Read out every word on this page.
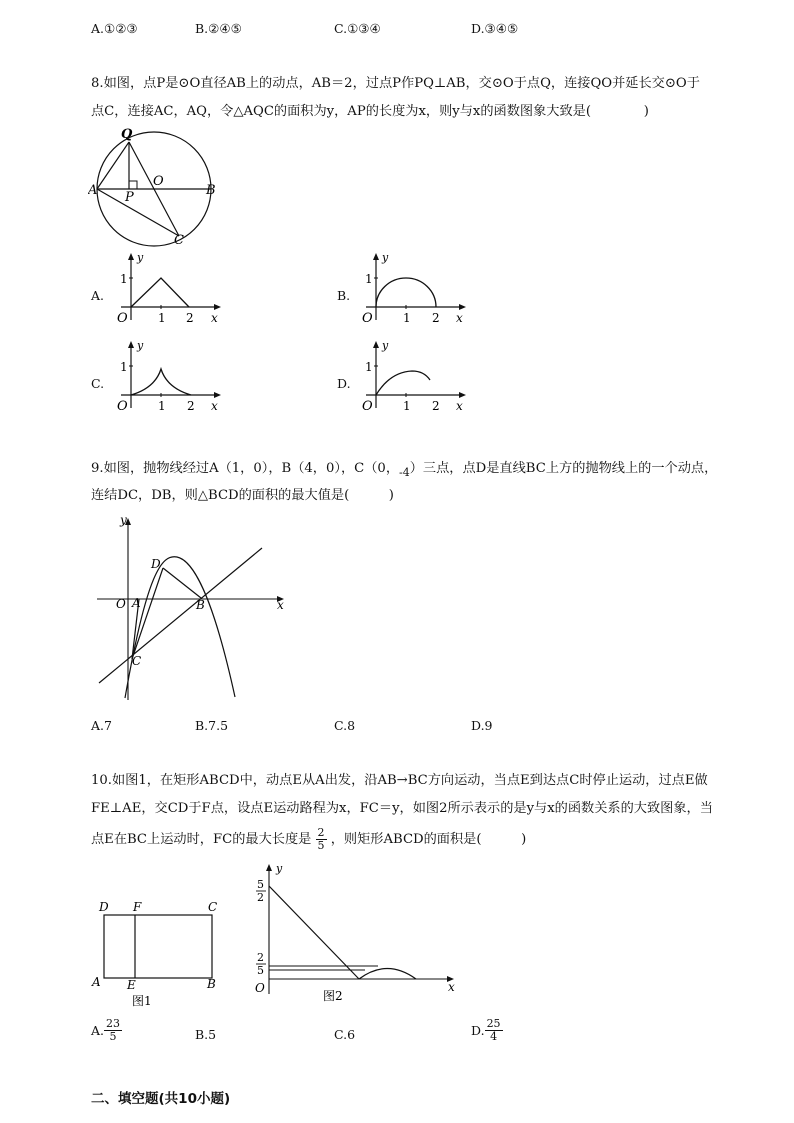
A.①②③	B.②④⑤	C.①③④	D.③④⑤
8.如图，点P是⊙O直径AB上的动点，AB＝2，过点P作PQ⊥AB，交⊙O于点Q，连接QO并延长交⊙O于
点C，连接AC，AQ，令△AQC的面积为y，AP的长度为x，则y与x的函数图象大致是(　　　　)
Q
A
O
B
P
C
A.
y
1
O	1 2 x
B.
y
1
O	1 2 x
C.
y
1
O	1 2 x
D.
y
1
O	1 2 x
9.如图，抛物线经过A（1，0），B（4，0），C（0，$_{-4}$）三点，点D是直线BC上方的抛物线上的一个动点，
连结DC，DB，则△BCD的面积的最大值是(　　　)
y
x
O A	B
C
D
A.7	B.7.5	C.8	D.9
10.如图1，在矩形ABCD中，动点E从A出发，沿AB→BC方向运动，当点E到达点C时停止运动，过点E做
FE⊥AE，交CD于F点，设点E运动路程为x，FC＝y，如图2所示表示的是y与x的函数关系的大致图象，当
点E在BC上运动时，FC的最大长度是 $\frac{2}{5}$ ，则矩形ABCD的面积是(　　　)
D F	C
A E	B
图1
y
x
O
5
2
2
5
图2
A. $\frac{23}{5}$	B.5	C.6	D. $\frac{25}{4}$
二、填空题(共10小题)
